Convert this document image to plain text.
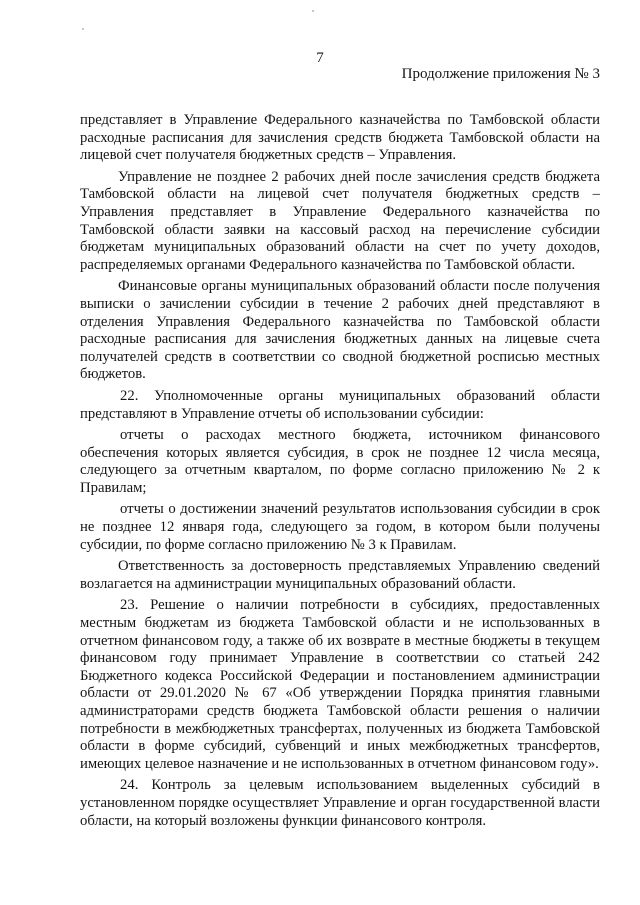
7
Продолжение приложения № 3

представляет в Управление Федерального казначейства по Тамбовской области расходные расписания для зачисления средств бюджета Тамбовской области на лицевой счет получателя бюджетных средств – Управления.

Управление не позднее 2 рабочих дней после зачисления средств бюджета Тамбовской области на лицевой счет получателя бюджетных средств – Управления представляет в Управление Федерального казначейства по Тамбовской области заявки на кассовый расход на перечисление субсидии бюджетам муниципальных образований области на счет по учету доходов, распределяемых органами Федерального казначейства по Тамбовской области.

Финансовые органы муниципальных образований области после получения выписки о зачислении субсидии в течение 2 рабочих дней представляют в отделения Управления Федерального казначейства по Тамбовской области расходные расписания для зачисления бюджетных данных на лицевые счета получателей средств в соответствии со сводной бюджетной росписью местных бюджетов.

22. Уполномоченные органы муниципальных образований области представляют в Управление отчеты об использовании субсидии:

отчеты о расходах местного бюджета, источником финансового обеспечения которых является субсидия, в срок не позднее 12 числа месяца, следующего за отчетным кварталом, по форме согласно приложению № 2 к Правилам;

отчеты о достижении значений результатов использования субсидии в срок не позднее 12 января года, следующего за годом, в котором были получены субсидии, по форме согласно приложению № 3 к Правилам.

Ответственность за достоверность представляемых Управлению сведений возлагается на администрации муниципальных образований области.

23. Решение о наличии потребности в субсидиях, предоставленных местным бюджетам из бюджета Тамбовской области и не использованных в отчетном финансовом году, а также об их возврате в местные бюджеты в текущем финансовом году принимает Управление в соответствии со статьей 242 Бюджетного кодекса Российской Федерации и постановлением администрации области от 29.01.2020 № 67 «Об утверждении Порядка принятия главными администраторами средств бюджета Тамбовской области решения о наличии потребности в межбюджетных трансфертах, полученных из бюджета Тамбовской области в форме субсидий, субвенций и иных межбюджетных трансфертов, имеющих целевое назначение и не использованных в отчетном финансовом году».

24. Контроль за целевым использованием выделенных субсидий в установленном порядке осуществляет Управление и орган государственной власти области, на который возложены функции финансового контроля.
